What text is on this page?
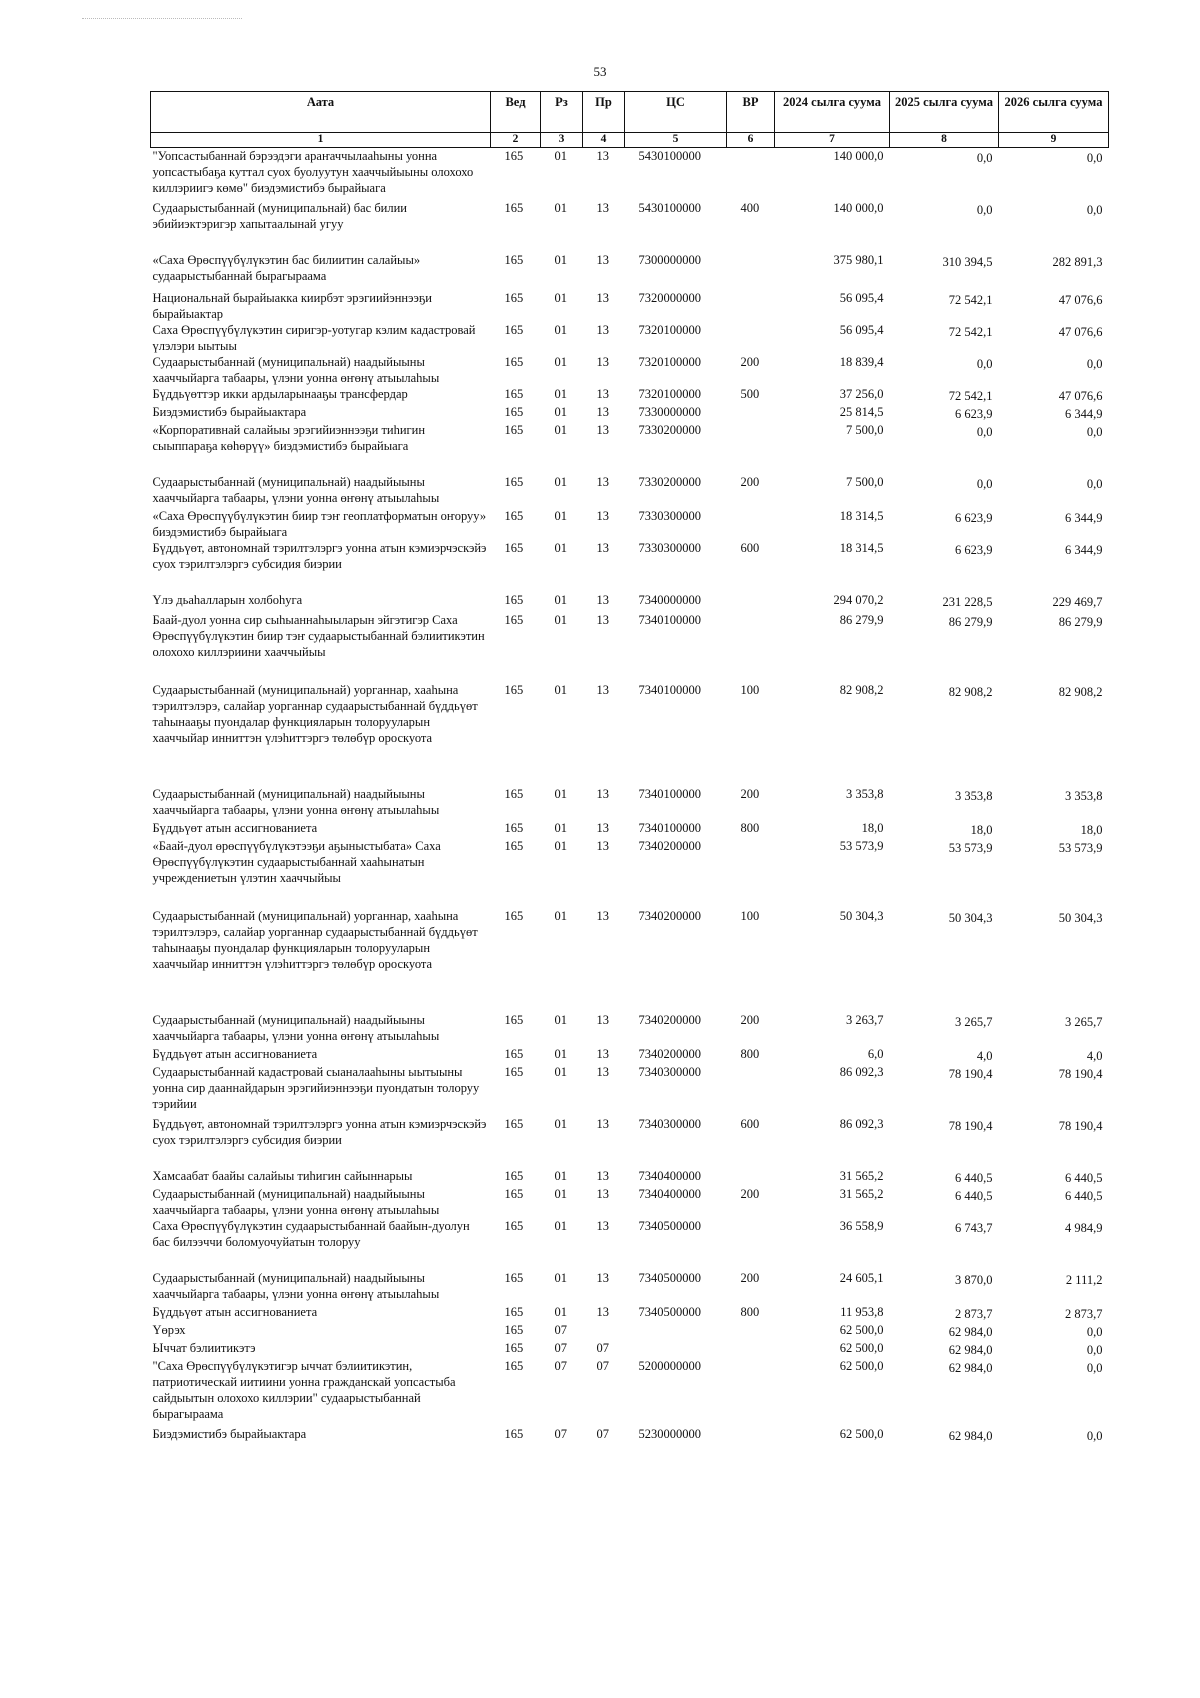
53
Аата	Вед	Рз	Пр	ЦС	ВР	2024 сылга суума	2025 сылга суума	2026 сылга суума
1	2	3	4	5	6	7	8	9
"Уопсастыбаннай бэрээдэги араҥаччылааһыны уонна уопсастыбаҕа куттал суох буолуутун хааччыйыыны олохохо киллэриигэ көмө" биэдэмистибэ бырайыага	165	01	13	5430100000		140 000,0	0,0	0,0
Судаарыстыбаннай (муниципальнай) бас билии эбийиэктэригэр хапытаалынай угуу	165	01	13	5430100000	400	140 000,0	0,0	0,0
«Саха Өрөспүүбүлүкэтин бас билиитин салайыы» судаарыстыбаннай бырагыраама	165	01	13	7300000000		375 980,1	310 394,5	282 891,3
Национальнай бырайыакка киирбэт эрэгиийэннээҕи бырайыактар	165	01	13	7320000000		56 095,4	72 542,1	47 076,6
Саха Өрөспүүбүлүкэтин сиригэр-уотугар кэлим кадастровай үлэлэри ыытыы	165	01	13	7320100000		56 095,4	72 542,1	47 076,6
Судаарыстыбаннай (муниципальнай) наадыйыыны хааччыйарга табаары, үлэни уонна өҥөнү атыылаһыы	165	01	13	7320100000	200	18 839,4	0,0	0,0
Бүддьүөттэр икки ардыларынааҕы трансфердар	165	01	13	7320100000	500	37 256,0	72 542,1	47 076,6
Биэдэмистибэ бырайыактара	165	01	13	7330000000		25 814,5	6 623,9	6 344,9
«Корпоративнай салайыы эрэгийиэннээҕи тиһигин сыыппараҕа көһөрүү» биэдэмистибэ бырайыага	165	01	13	7330200000		7 500,0	0,0	0,0
Судаарыстыбаннай (муниципальнай) наадыйыыны хааччыйарга табаары, үлэни уонна өҥөнү атыылаһыы	165	01	13	7330200000	200	7 500,0	0,0	0,0
«Саха Өрөспүүбүлүкэтин биир тэҥ геоплатформатын оҥоруу» биэдэмистибэ бырайыага	165	01	13	7330300000		18 314,5	6 623,9	6 344,9
Бүддьүөт, автономнай тэрилтэлэргэ уонна атын кэмиэрчэскэйэ суох тэрилтэлэргэ субсидия биэрии	165	01	13	7330300000	600	18 314,5	6 623,9	6 344,9
Үлэ дьаһалларын холбоһуга	165	01	13	7340000000		294 070,2	231 228,5	229 469,7
Баай-дуол уонна сир сыһыаннаһыыларын эйгэтигэр Саха Өрөспүүбүлүкэтин биир тэҥ судаарыстыбаннай бэлиитикэтин олохохо киллэриини хааччыйыы	165	01	13	7340100000		86 279,9	86 279,9	86 279,9
Судаарыстыбаннай (муниципальнай) уорганнар, хааһына тэрилтэлэрэ, салайар уорганнар судаарыстыбаннай бүддьүөт таһынааҕы пуондалар функцияларын толорууларын хааччыйар инниттэн үлэһиттэргэ төлөбүр ороскуота	165	01	13	7340100000	100	82 908,2	82 908,2	82 908,2
Судаарыстыбаннай (муниципальнай) наадыйыыны хааччыйарга табаары, үлэни уонна өҥөнү атыылаһыы	165	01	13	7340100000	200	3 353,8	3 353,8	3 353,8
Бүддьүөт атын ассигнованиета	165	01	13	7340100000	800	18,0	18,0	18,0
«Баай-дуол өрөспүүбүлүкэтээҕи аҕыныстыбата» Саха Өрөспүүбүлүкэтин судаарыстыбаннай хааһынатын учреждениетын үлэтин хааччыйыы	165	01	13	7340200000		53 573,9	53 573,9	53 573,9
Судаарыстыбаннай (муниципальнай) уорганнар, хааһына тэрилтэлэрэ, салайар уорганнар судаарыстыбаннай бүддьүөт таһынааҕы пуондалар функцияларын толорууларын хааччыйар инниттэн үлэһиттэргэ төлөбүр ороскуота	165	01	13	7340200000	100	50 304,3	50 304,3	50 304,3
Судаарыстыбаннай (муниципальнай) наадыйыыны хааччыйарга табаары, үлэни уонна өҥөнү атыылаһыы	165	01	13	7340200000	200	3 263,7	3 265,7	3 265,7
Бүддьүөт атын ассигнованиета	165	01	13	7340200000	800	6,0	4,0	4,0
Судаарыстыбаннай кадастровай сыаналааһыны ыытыыны уонна сир дааннайдарын эрэгийиэннээҕи пуондатын толоруу тэрийии	165	01	13	7340300000		86 092,3	78 190,4	78 190,4
Бүддьүөт, автономнай тэрилтэлэргэ уонна атын кэмиэрчэскэйэ суох тэрилтэлэргэ субсидия биэрии	165	01	13	7340300000	600	86 092,3	78 190,4	78 190,4
Хамсаабат баайы салайыы тиһигин сайыннарыы	165	01	13	7340400000		31 565,2	6 440,5	6 440,5
Судаарыстыбаннай (муниципальнай) наадыйыыны хааччыйарга табаары, үлэни уонна өҥөнү атыылаһыы	165	01	13	7340400000	200	31 565,2	6 440,5	6 440,5
Саха Өрөспүүбүлүкэтин судаарыстыбаннай баайын-дуолун бас билээччи боломуочуйатын толоруу	165	01	13	7340500000		36 558,9	6 743,7	4 984,9
Судаарыстыбаннай (муниципальнай) наадыйыыны хааччыйарга табаары, үлэни уонна өҥөнү атыылаһыы	165	01	13	7340500000	200	24 605,1	3 870,0	2 111,2
Бүддьүөт атын ассигнованиета	165	01	13	7340500000	800	11 953,8	2 873,7	2 873,7
Үөрэх	165	07				62 500,0	62 984,0	0,0
Ыччат бэлиитикэтэ	165	07	07			62 500,0	62 984,0	0,0
"Саха Өрөспүүбүлүкэтигэр ыччат бэлиитикэтин, патриотическай иитиини уонна гражданскай уопсастыба сайдыытын олохохо киллэрии" судаарыстыбаннай бырагыраама	165	07	07	5200000000		62 500,0	62 984,0	0,0
Биэдэмистибэ бырайыактара	165	07	07	5230000000		62 500,0	62 984,0	0,0
